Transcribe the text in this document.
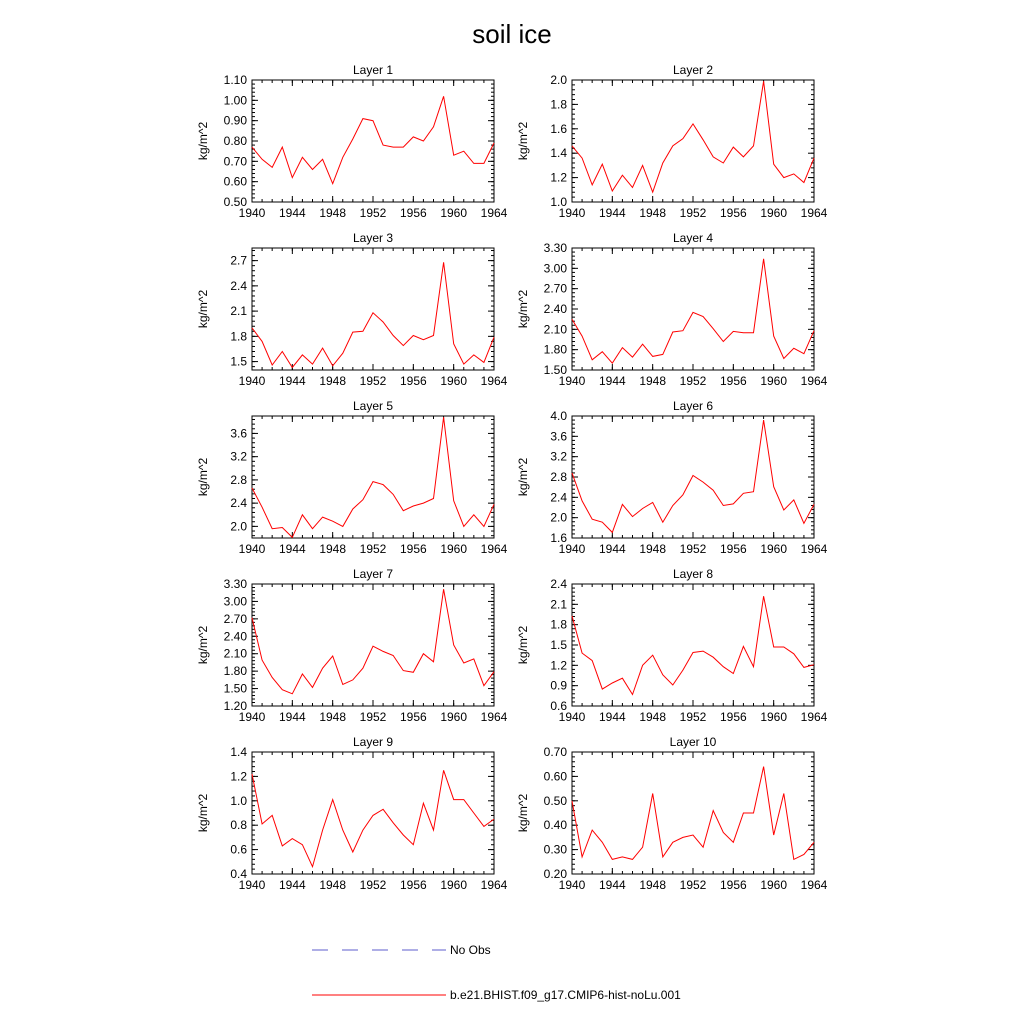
soil ice
Layer 1
1940 1944 1948 1952 1956 1960 1964
0.50
0.60
0.70
0.80
0.90
1.00
1.10
kg/m^2
Layer 2
1940 1944 1948 1952 1956 1960 1964
1.0
1.2
1.4
1.6
1.8
2.0
kg/m^2
Layer 3
1940 1944 1948 1952 1956 1960 1964
1.5
1.8
2.1
2.4
2.7
kg/m^2
Layer 4
1940 1944 1948 1952 1956 1960 1964
1.50
1.80
2.10
2.40
2.70
3.00
3.30
kg/m^2
Layer 5
1940 1944 1948 1952 1956 1960 1964
2.0
2.4
2.8
3.2
3.6
kg/m^2
Layer 6
1940 1944 1948 1952 1956 1960 1964
1.6
2.0
2.4
2.8
3.2
3.6
4.0
kg/m^2
Layer 7
1940 1944 1948 1952 1956 1960 1964
1.20
1.50
1.80
2.10
2.40
2.70
3.00
3.30
kg/m^2
Layer 8
1940 1944 1948 1952 1956 1960 1964
0.6
0.9
1.2
1.5
1.8
2.1
2.4
kg/m^2
Layer 9
1940 1944 1948 1952 1956 1960 1964
0.4
0.6
0.8
1.0
1.2
1.4
kg/m^2
Layer 10
1940 1944 1948 1952 1956 1960 1964
0.20
0.30
0.40
0.50
0.60
0.70
kg/m^2
No Obs
b.e21.BHIST.f09_g17.CMIP6-hist-noLu.001
